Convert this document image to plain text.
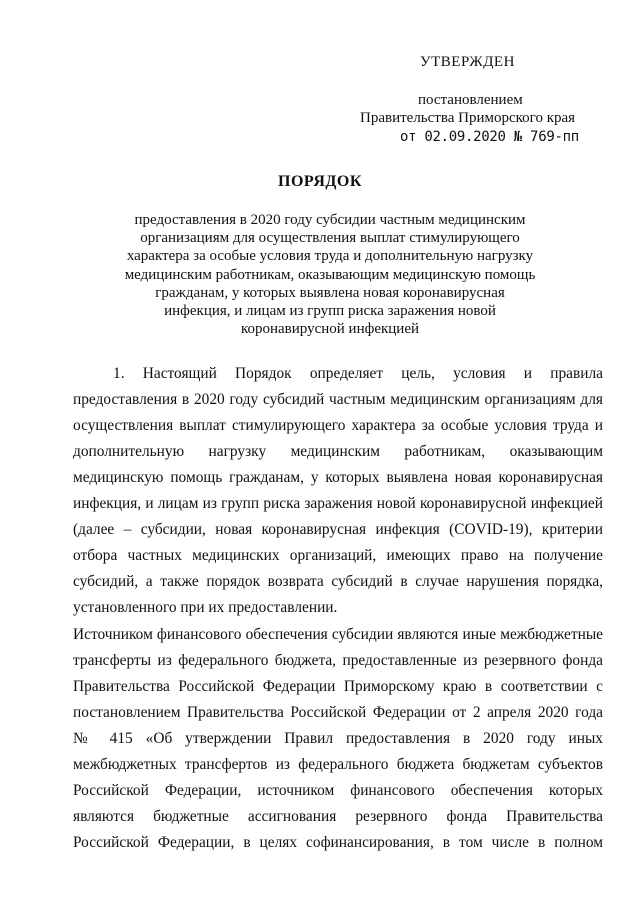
УТВЕРЖДЕН
постановлением
Правительства Приморского края
от 02.09.2020 № 769-пп
ПОРЯДОК
предоставления в 2020 году субсидии частным медицинским
организациям для осуществления выплат стимулирующего
характера за особые условия труда и дополнительную нагрузку
медицинским работникам, оказывающим медицинскую помощь
гражданам, у которых выявлена новая коронавирусная
инфекция, и лицам из групп риска заражения новой
коронавирусной инфекцией
1. Настоящий Порядок определяет цель, условия и правила
предоставления в 2020 году субсидий частным медицинским организациям для
осуществления выплат стимулирующего характера за особые условия труда и
дополнительную нагрузку медицинским работникам, оказывающим
медицинскую помощь гражданам, у которых выявлена новая коронавирусная
инфекция, и лицам из групп риска заражения новой коронавирусной инфекцией
(далее – субсидии, новая коронавирусная инфекция (COVID-19), критерии
отбора частных медицинских организаций, имеющих право на получение
субсидий, а также порядок возврата субсидий в случае нарушения порядка,
установленного при их предоставлении.
Источником финансового обеспечения субсидии являются иные межбюджетные
трансферты из федерального бюджета, предоставленные из резервного фонда
Правительства Российской Федерации Приморскому краю в соответствии с
постановлением Правительства Российской Федерации от 2 апреля 2020 года
№ 415 «Об утверждении Правил предоставления в 2020 году иных
межбюджетных трансфертов из федерального бюджета бюджетам субъектов
Российской Федерации, источником финансового обеспечения которых
являются бюджетные ассигнования резервного фонда Правительства
Российской Федерации, в целях софинансирования, в том числе в полном
